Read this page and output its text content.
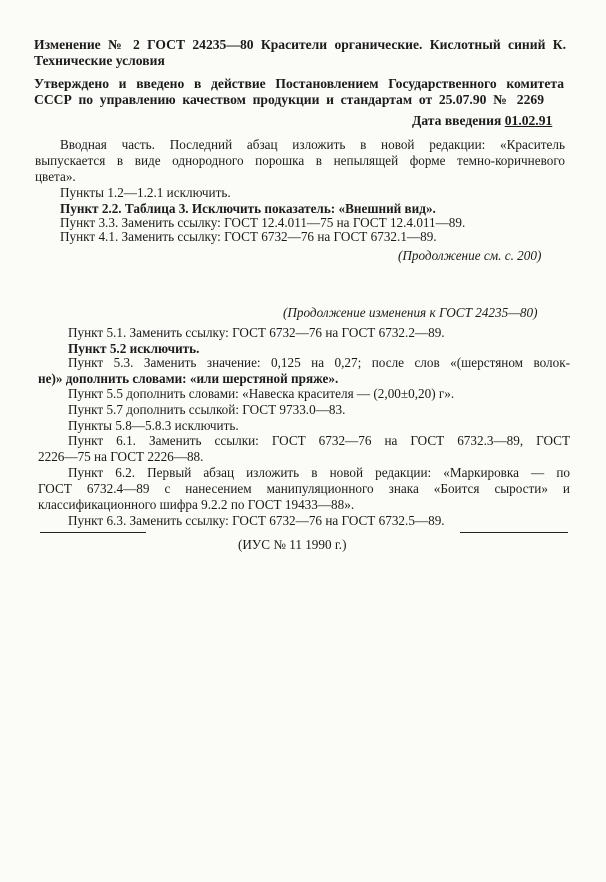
Изменение № 2 ГОСТ 24235—80 Красители органические. Кислотный синий К.
Технические условия
Утверждено и введено в действие Постановлением Государственного комитета
СССР по управлению качеством продукции и стандартам от 25.07.90 № 2269
Дата введения 01.02.91
Вводная часть. Последний абзац изложить в новой редакции: «Краситель
выпускается в виде однородного порошка в непылящей форме темно-коричневого
цвета».
Пункты 1.2—1.2.1 исключить.
Пункт 2.2. Таблица 3. Исключить показатель: «Внешний вид».
Пункт 3.3. Заменить ссылку: ГОСТ 12.4.011—75 на ГОСТ 12.4.011—89.
Пункт 4.1. Заменить ссылку: ГОСТ 6732—76 на ГОСТ 6732.1—89.
(Продолжение см. с. 200)
(Продолжение изменения к ГОСТ 24235—80)
Пункт 5.1. Заменить ссылку: ГОСТ 6732—76 на ГОСТ 6732.2—89.
Пункт 5.2 исключить.
Пункт 5.3. Заменить значение: 0,125 на 0,27; после слов «(шерстяном волок-
не)» дополнить словами: «или шерстяной пряже».
Пункт 5.5 дополнить словами: «Навеска красителя — (2,00±0,20) г».
Пункт 5.7 дополнить ссылкой: ГОСТ 9733.0—83.
Пункты 5.8—5.8.3 исключить.
Пункт 6.1. Заменить ссылки: ГОСТ 6732—76 на ГОСТ 6732.3—89, ГОСТ
2226—75 на ГОСТ 2226—88.
Пункт 6.2. Первый абзац изложить в новой редакции: «Маркировка — по
ГОСТ 6732.4—89 с нанесением манипуляционного знака «Боится сырости» и
классификационного шифра 9.2.2 по ГОСТ 19433—88».
Пункт 6.3. Заменить ссылку: ГОСТ 6732—76 на ГОСТ 6732.5—89.
(ИУС № 11 1990 г.)
